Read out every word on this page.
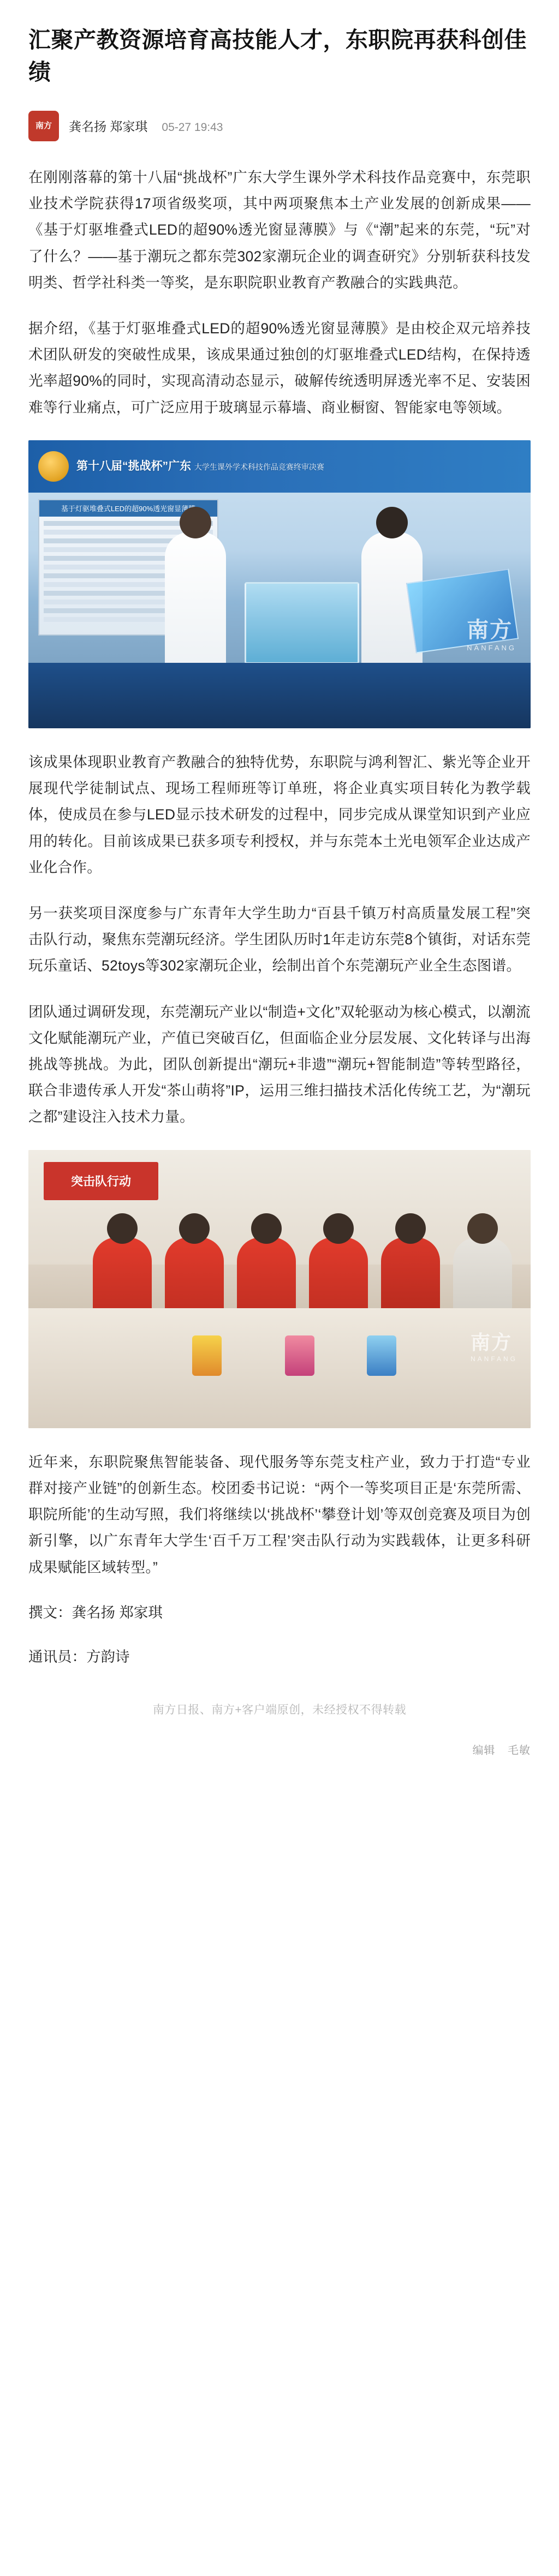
汇聚产教资源培育高技能人才，东职院再获科创佳绩
南方 龚名扬 郑家琪 05-27 19:43

在刚刚落幕的第十八届“挑战杯”广东大学生课外学术科技作品竞赛中，东莞职业技术学院获得17项省级奖项，其中两项聚焦本土产业发展的创新成果——《基于灯驱堆叠式LED的超90%透光窗显薄膜》与《“潮”起来的东莞，“玩”对了什么？——基于潮玩之都东莞302家潮玩企业的调查研究》分别斩获科技发明类、哲学社科类一等奖，是东职院职业教育产教融合的实践典范。

据介绍，《基于灯驱堆叠式LED的超90%透光窗显薄膜》是由校企双元培养技术团队研发的突破性成果，该成果通过独创的灯驱堆叠式LED结构，在保持透光率超90%的同时，实现高清动态显示，破解传统透明屏透光率不足、安装困难等行业痛点，可广泛应用于玻璃显示幕墙、商业橱窗、智能家电等领域。

第十八届“挑战杯”广东 大学生课外学术科技作品竞赛终审决赛
基于灯驱堆叠式LED的超90%透光窗显薄膜
南方
NANFANG

该成果体现职业教育产教融合的独特优势，东职院与鸿利智汇、紫光等企业开展现代学徒制试点、现场工程师班等订单班，将企业真实项目转化为教学载体，使成员在参与LED显示技术研发的过程中，同步完成从课堂知识到产业应用的转化。目前该成果已获多项专利授权，并与东莞本土光电领军企业达成产业化合作。

另一获奖项目深度参与广东青年大学生助力“百县千镇万村高质量发展工程”突击队行动，聚焦东莞潮玩经济。学生团队历时1年走访东莞8个镇街，对话东莞玩乐童话、52toys等302家潮玩企业，绘制出首个东莞潮玩产业全生态图谱。

团队通过调研发现，东莞潮玩产业以“制造+文化”双轮驱动为核心模式，以潮流文化赋能潮玩产业，产值已突破百亿，但面临企业分层发展、文化转译与出海挑战等挑战。为此，团队创新提出“潮玩+非遗”“潮玩+智能制造”等转型路径，联合非遗传承人开发“茶山萌将”IP，运用三维扫描技术活化传统工艺，为“潮玩之都”建设注入技术力量。

突击队行动
南方
NANFANG

近年来，东职院聚焦智能装备、现代服务等东莞支柱产业，致力于打造“专业群对接产业链”的创新生态。校团委书记说：“两个一等奖项目正是‘东莞所需、职院所能’的生动写照，我们将继续以‘挑战杯’‘攀登计划’等双创竞赛及项目为创新引擎，以广东青年大学生‘百千万工程’突击队行动为实践载体，让更多科研成果赋能区域转型。”

撰文：龚名扬 郑家琪
通讯员：方韵诗
南方日报、南方+客户端原创，未经授权不得转载
编辑 毛敏
